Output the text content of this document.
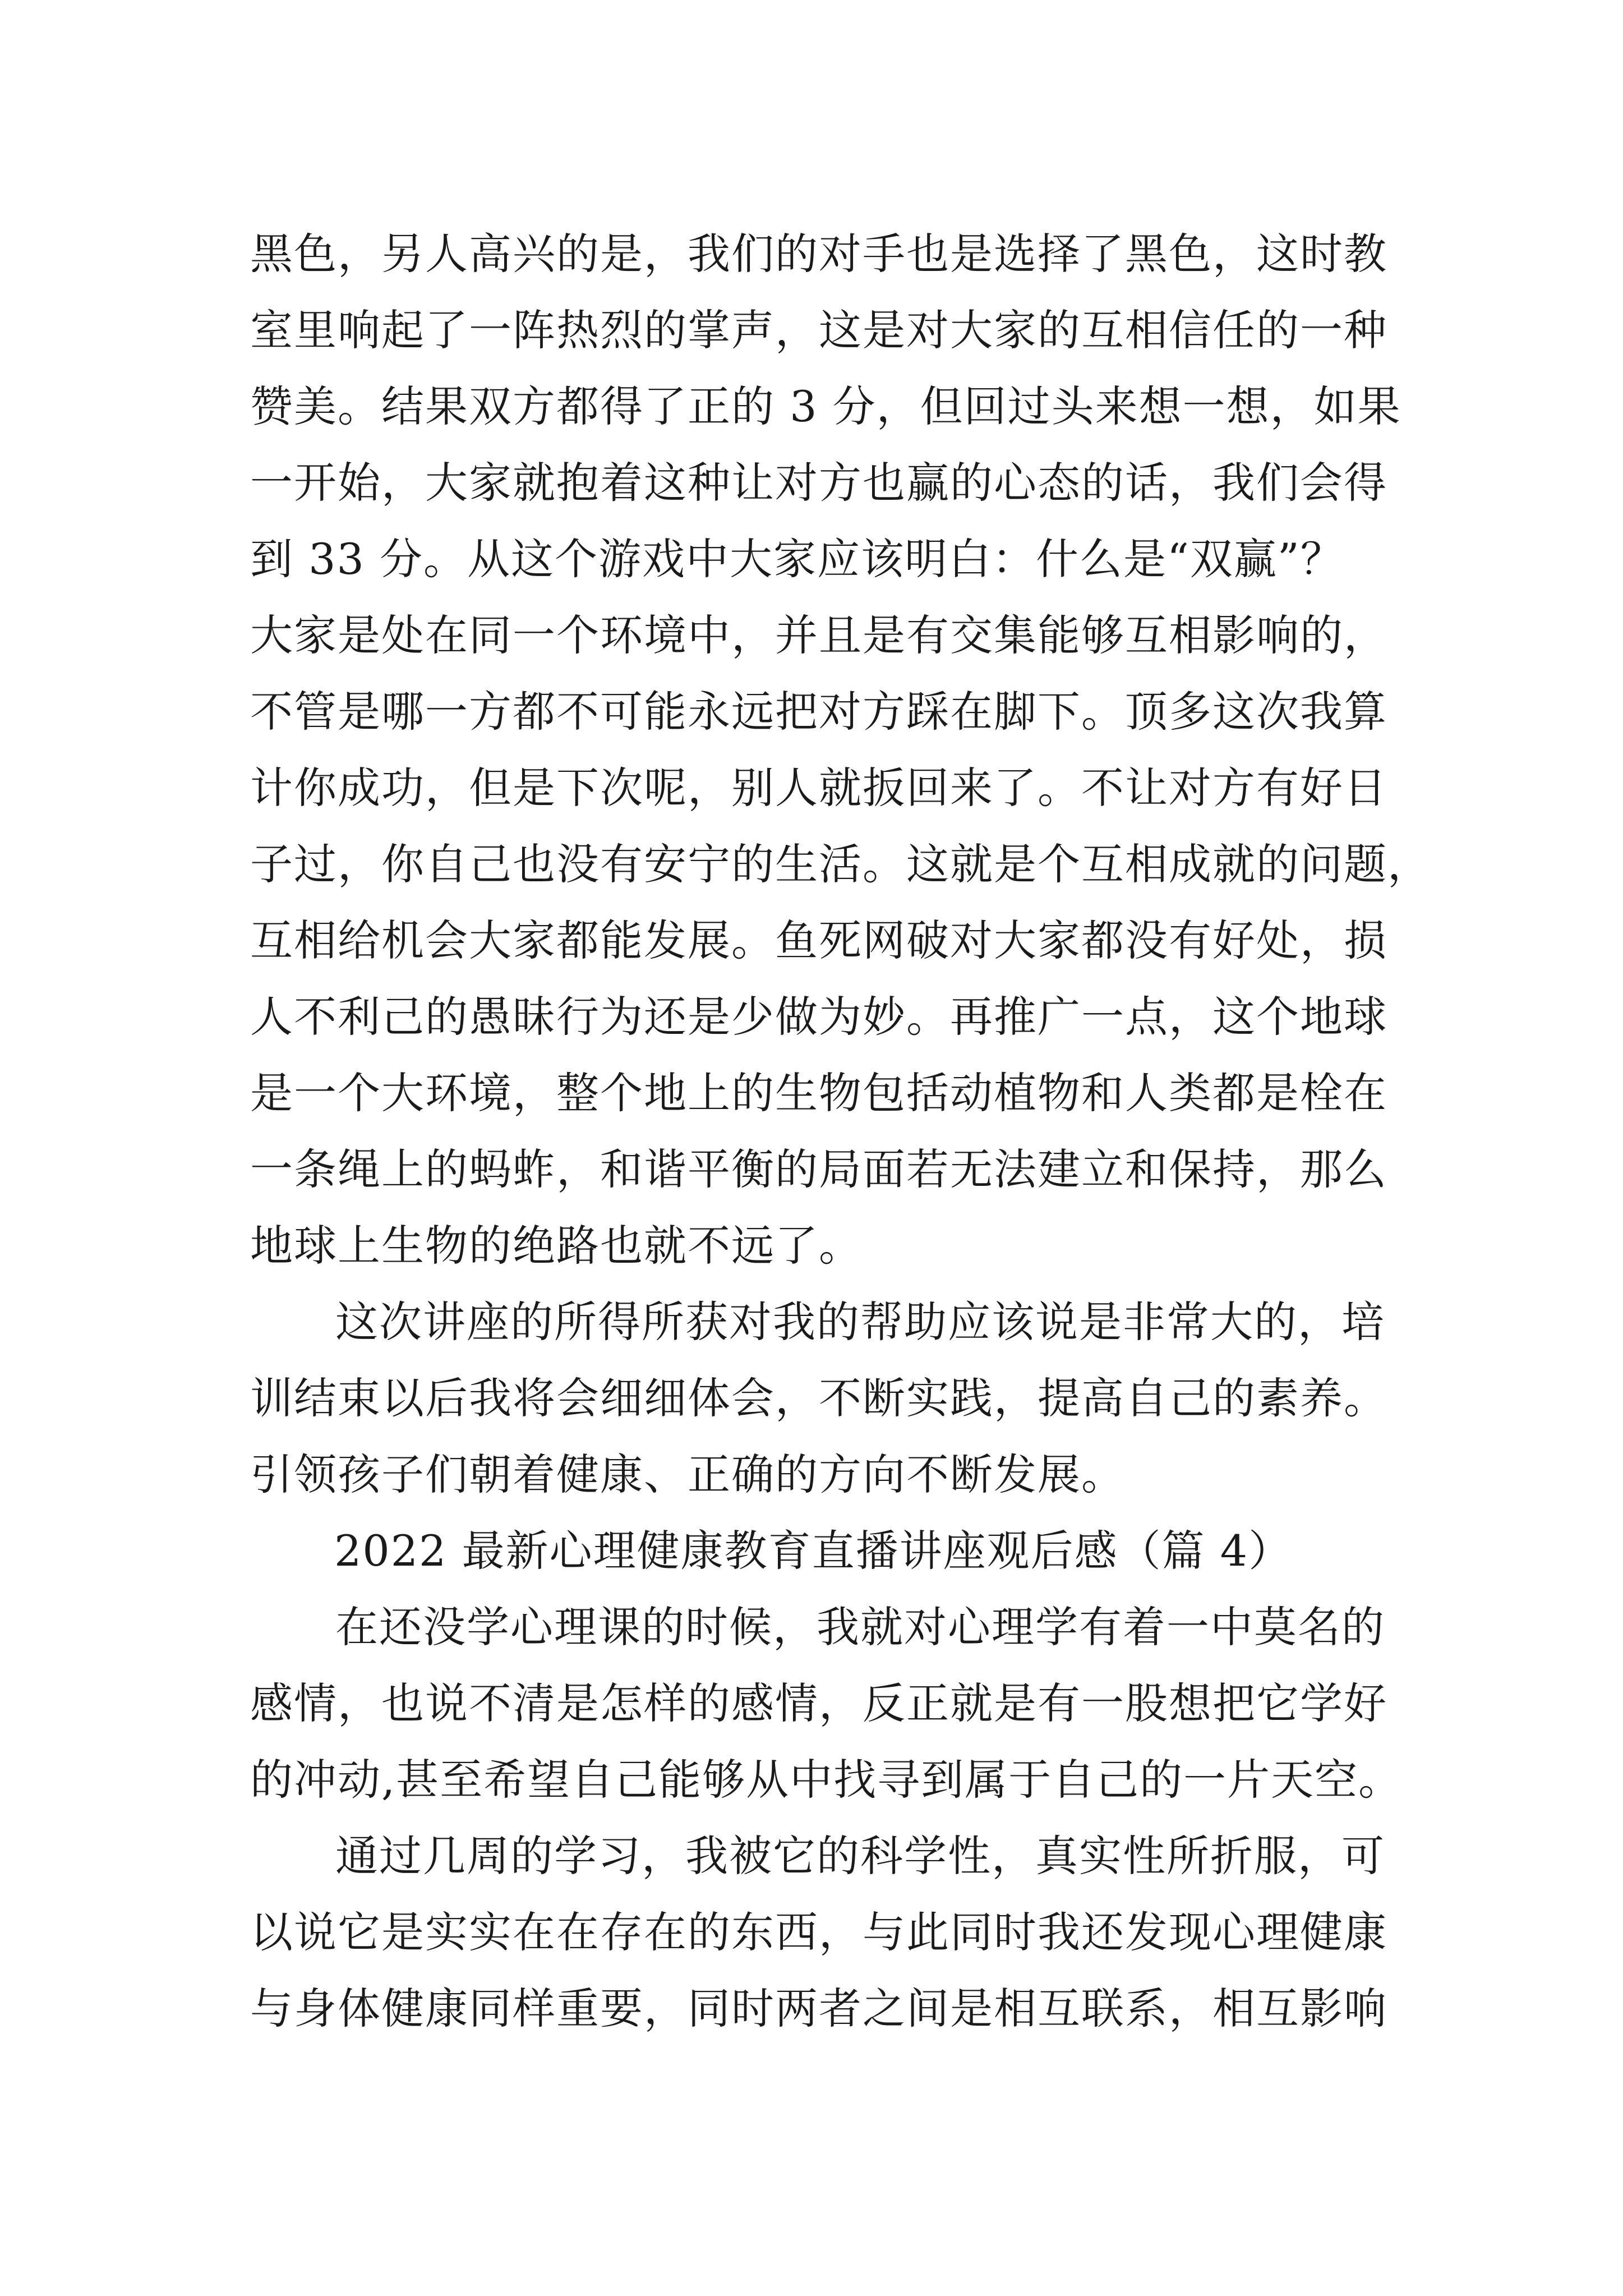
黑色，另人高兴的是，我们的对手也是选择了黑色，这时教
室里响起了一阵热烈的掌声，这是对大家的互相信任的一种
赞美。结果双方都得了正的 3 分，但回过头来想一想，如果
一开始，大家就抱着这种让对方也赢的心态的话，我们会得
到 33 分。从这个游戏中大家应该明白：什么是“双赢”？
大家是处在同一个环境中，并且是有交集能够互相影响的，
不管是哪一方都不可能永远把对方踩在脚下。顶多这次我算
计你成功，但是下次呢，别人就扳回来了。不让对方有好日
子过，你自己也没有安宁的生活。这就是个互相成就的问题，
互相给机会大家都能发展。鱼死网破对大家都没有好处，损
人不利己的愚昧行为还是少做为妙。再推广一点，这个地球
是一个大环境，整个地上的生物包括动植物和人类都是栓在
一条绳上的蚂蚱，和谐平衡的局面若无法建立和保持，那么
地球上生物的绝路也就不远了。
这次讲座的所得所获对我的帮助应该说是非常大的，培
训结束以后我将会细细体会，不断实践，提高自己的素养。
引领孩子们朝着健康、正确的方向不断发展。
2022 最新心理健康教育直播讲座观后感（篇 4）
在还没学心理课的时候，我就对心理学有着一中莫名的
感情，也说不清是怎样的感情，反正就是有一股想把它学好
的冲动,甚至希望自己能够从中找寻到属于自己的一片天空。
通过几周的学习，我被它的科学性，真实性所折服，可
以说它是实实在在存在的东西，与此同时我还发现心理健康
与身体健康同样重要，同时两者之间是相互联系，相互影响
